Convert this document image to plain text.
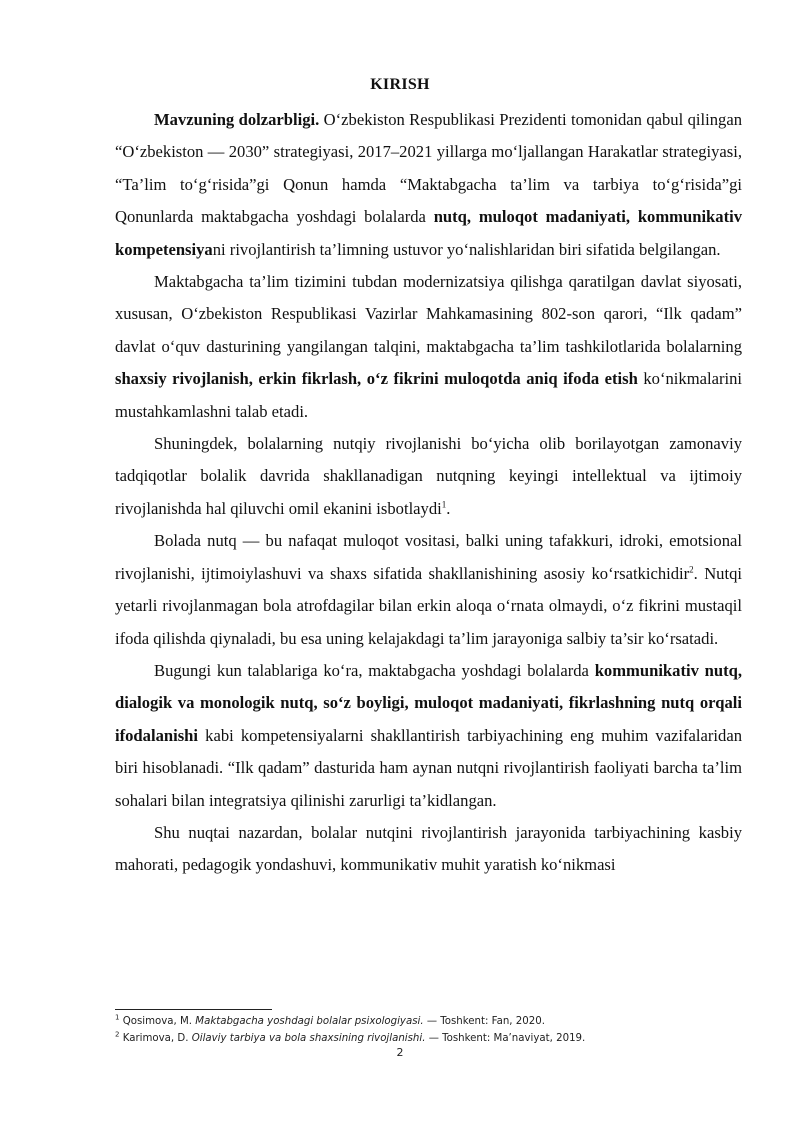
KIRISH

Mavzuning dolzarbligi. O‘zbekiston Respublikasi Prezidenti tomonidan qabul qilingan “O‘zbekiston — 2030” strategiyasi, 2017–2021 yillarga mo‘ljallangan Harakatlar strategiyasi, “Ta’lim to‘g‘risida”gi Qonun hamda “Maktabgacha ta’lim va tarbiya to‘g‘risida”gi Qonunlarda maktabgacha yoshdagi bolalarda nutq, muloqot madaniyati, kommunikativ kompetensiyani rivojlantirish ta’limning ustuvor yo‘nalishlaridan biri sifatida belgilangan.

Maktabgacha ta’lim tizimini tubdan modernizatsiya qilishga qaratilgan davlat siyosati, xususan, O‘zbekiston Respublikasi Vazirlar Mahkamasining 802-son qarori, “Ilk qadam” davlat o‘quv dasturining yangilangan talqini, maktabgacha ta’lim tashkilotlarida bolalarning shaxsiy rivojlanish, erkin fikrlash, o‘z fikrini muloqotda aniq ifoda etish ko‘nikmalarini mustahkamlashni talab etadi.

Shuningdek, bolalarning nutqiy rivojlanishi bo‘yicha olib borilayotgan zamonaviy tadqiqotlar bolalik davrida shakllanadigan nutqning keyingi intellektual va ijtimoiy rivojlanishda hal qiluvchi omil ekanini isbotlaydi$^1$.

Bolada nutq — bu nafaqat muloqot vositasi, balki uning tafakkuri, idroki, emotsional rivojlanishi, ijtimoiylashuvi va shaxs sifatida shakllanishining asosiy ko‘rsatkichidir$^2$. Nutqi yetarli rivojlanmagan bola atrofdagilar bilan erkin aloqa o‘rnata olmaydi, o‘z fikrini mustaqil ifoda qilishda qiynaladi, bu esa uning kelajakdagi ta’lim jarayoniga salbiy ta’sir ko‘rsatadi.

Bugungi kun talablariga ko‘ra, maktabgacha yoshdagi bolalarda kommunikativ nutq, dialogik va monologik nutq, so‘z boyligi, muloqot madaniyati, fikrlashning nutq orqali ifodalanishi kabi kompetensiyalarni shakllantirish tarbiyachining eng muhim vazifalaridan biri hisoblanadi. “Ilk qadam” dasturida ham aynan nutqni rivojlantirish faoliyati barcha ta’lim sohalari bilan integratsiya qilinishi zarurligi ta’kidlangan.

Shu nuqtai nazardan, bolalar nutqini rivojlantirish jarayonida tarbiyachining kasbiy mahorati, pedagogik yondashuvi, kommunikativ muhit yaratish ko‘nikmasi

$^1$ Qosimova, M. Maktabgacha yoshdagi bolalar psixologiyasi. — Toshkent: Fan, 2020.
$^2$ Karimova, D. Oilaviy tarbiya va bola shaxsining rivojlanishi. — Toshkent: Ma’naviyat, 2019.
2
